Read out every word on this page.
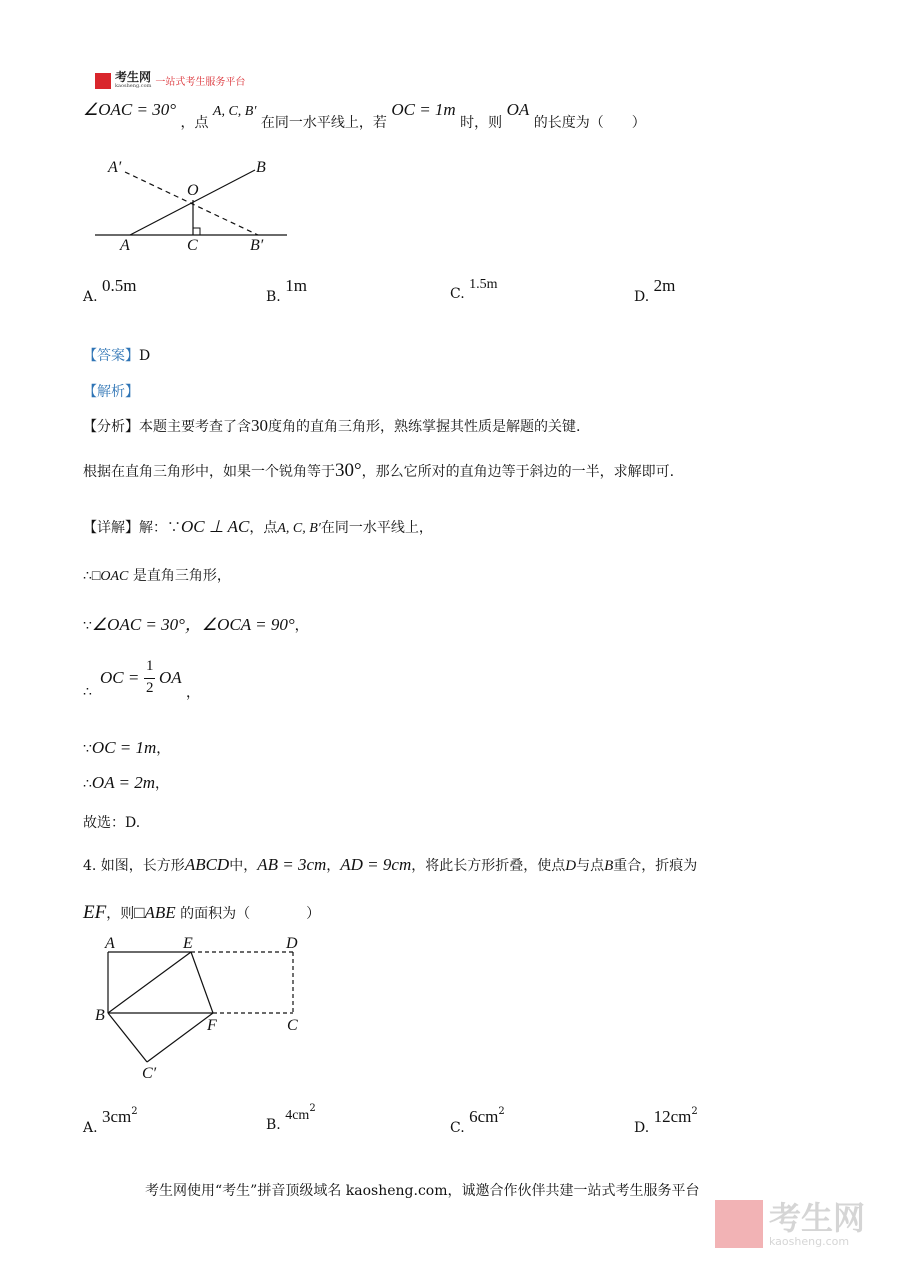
考生网
kaosheng.com 一站式考生服务平台
∠OAC = 30° ，点 A, C, B′ 在同一水平线上，若 OC = 1m 时，则 OA 的长度为（　　）
A′	B
O
A	C	B′
A. 0.5m
B. 1m	C. 1.5m
D. 2m
【答案】D
【解析】
【分析】本题主要考查了含30度角的直角三角形，熟练掌握其性质是解题的关键.
根据在直角三角形中，如果一个锐角等于30°，那么它所对的直角边等于斜边的一半，求解即可.
【详解】解：∵OC ⊥ AC，点A, C, B′在同一水平线上，
∴□OAC 是直角三角形，
∵∠OAC = 30°，∠OCA = 90°，
∴
OC =
1
2
OA
，
∵OC = 1m，
∴OA = 2m，
故选：D.
4. 如图，长方形ABCD中，AB = 3cm，AD = 9cm，将此长方形折叠，使点D与点B重合，折痕为
EF，则□ABE 的面积为（　　　　）
A	E	D
B
F	C
C′
A. $3cm^2$
B. $4cm^2$
C. $6cm^2$
D. $12cm^2$
考生网使用“考生”拼音顶级域名 kaosheng.com，诚邀合作伙伴共建一站式考生服务平台
考生网
kaosheng.com
